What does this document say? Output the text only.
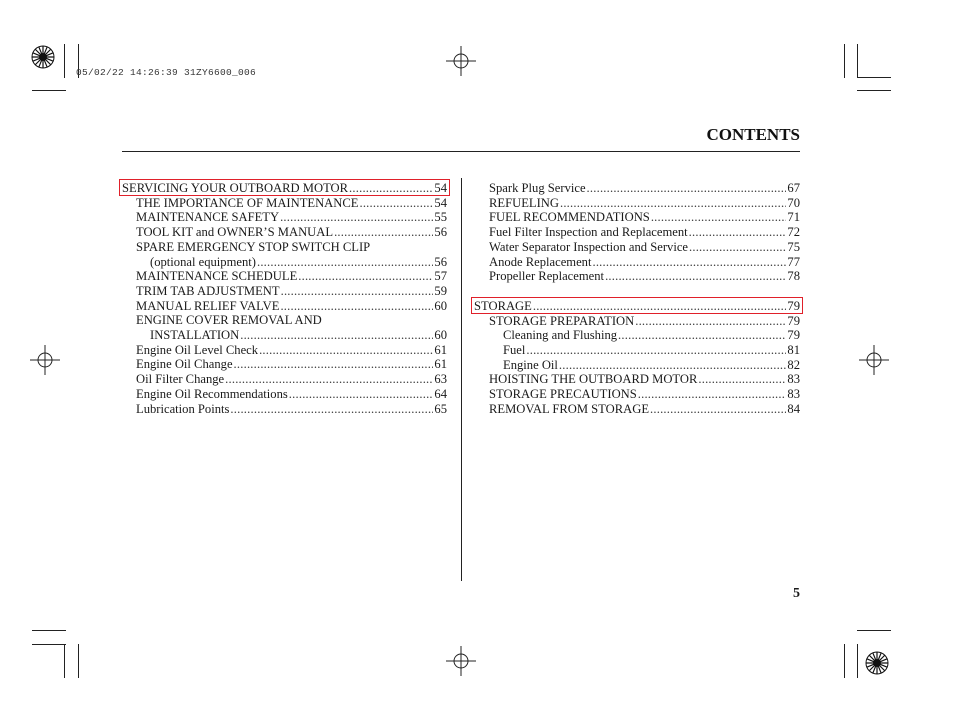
05/02/22 14:26:39 31ZY6600_006
CONTENTS
SERVICING YOUR OUTBOARD MOTOR .....	54
THE IMPORTANCE OF MAINTENANCE .....	54
MAINTENANCE SAFETY .....	55
TOOL KIT and OWNER’S MANUAL .....	56
SPARE EMERGENCY STOP SWITCH CLIP
(optional equipment) .....	56
MAINTENANCE SCHEDULE .....	57
TRIM TAB ADJUSTMENT .....	59
MANUAL RELIEF VALVE .....	60
ENGINE COVER REMOVAL AND
INSTALLATION .....	60
Engine Oil Level Check .....	61
Engine Oil Change .....	61
Oil Filter Change .....	63
Engine Oil Recommendations .....	64
Lubrication Points .....	65
Spark Plug Service .....	67
REFUELING .....	70
FUEL RECOMMENDATIONS .....	71
Fuel Filter Inspection and Replacement .....	72
Water Separator Inspection and Service .....	75
Anode Replacement .....	77
Propeller Replacement .....	78
STORAGE .....	79
STORAGE PREPARATION .....	79
Cleaning and Flushing .....	79
Fuel .....	81
Engine Oil .....	82
HOISTING THE OUTBOARD MOTOR .....	83
STORAGE PRECAUTIONS .....	83
REMOVAL FROM STORAGE .....	84
5
